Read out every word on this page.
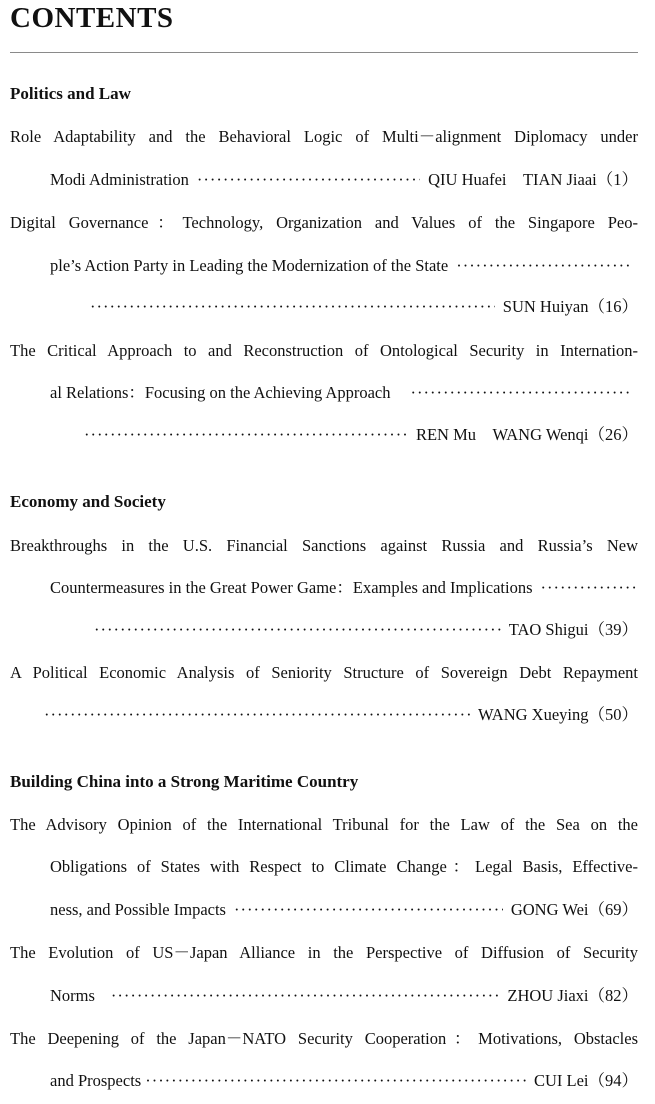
CONTENTS
Politics and Law
Role Adaptability and the Behavioral Logic of Multi－alignment Diplomacy under
Modi Administration ·····	QIU Huafei　TIAN Jiaai（1）
Digital Governance：Technology, Organization and Values of the Singapore Peo-
ple’s Action Party in Leading the Modernization of the State
·····
·····
SUN Huiyan（16）
The Critical Approach to and Reconstruction of Ontological Security in Internation-
al Relations：Focusing on the Achieving Approach
·····
·····
REN Mu　WANG Wenqi（26）
Economy and Society
Breakthroughs in the U.S. Financial Sanctions against Russia and Russia’s New
Countermeasures in the Great Power Game：Examples and Implications
·····
·····
TAO Shigui（39）
A Political Economic Analysis of Seniority Structure of Sovereign Debt Repayment
·····
WANG Xueying（50）
Building China into a Strong Maritime Country
The Advisory Opinion of the International Tribunal for the Law of the Sea on the
Obligations of States with Respect to Climate Change：Legal Basis, Effective-
ness, and Possible Impacts ·····	GONG Wei（69）
The Evolution of US－Japan Alliance in the Perspective of Diffusion of Security
Norms ·····	ZHOU Jiaxi（82）
The Deepening of the Japan－NATO Security Cooperation：Motivations, Obstacles
and Prospects ·····	CUI Lei（94）
